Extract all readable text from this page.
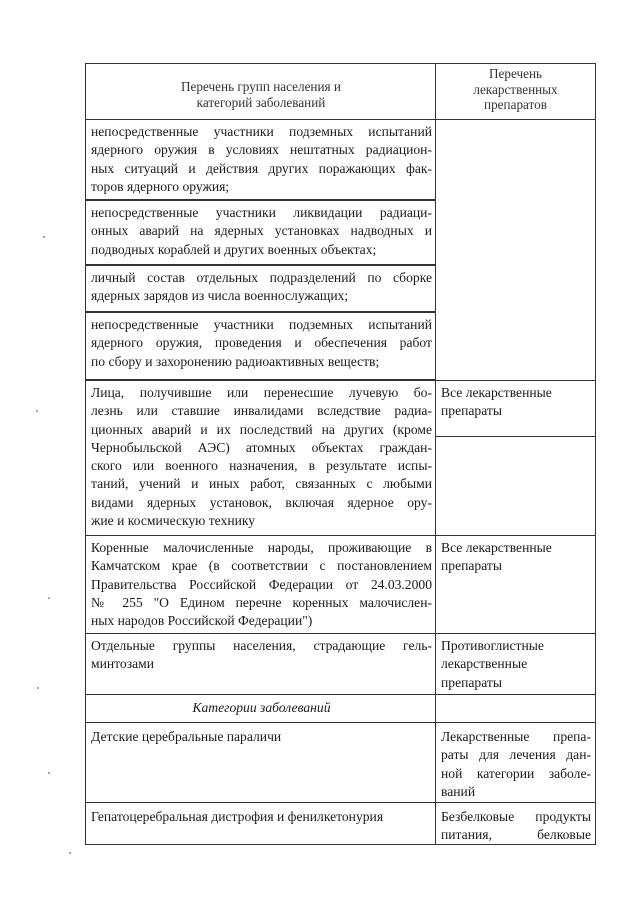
Перечень групп населения и
категорий заболеваний
Перечень
лекарственных
препаратов
непосредственные участники подземных испытаний
ядерного оружия в условиях нештатных радиацион-
ных ситуаций и действия других поражающих фак-
торов ядерного оружия;
непосредственные участники ликвидации радиаци-
онных аварий на ядерных установках надводных и
подводных кораблей и других военных объектах;
личный состав отдельных подразделений по сборке
ядерных зарядов из числа военнослужащих;
непосредственные участники подземных испытаний
ядерного оружия, проведения и обеспечения работ
по сбору и захоронению радиоактивных веществ;
Лица, получившие или перенесшие лучевую бо-
лезнь или ставшие инвалидами вследствие радиа-
ционных аварий и их последствий на других (кроме
Чернобыльской АЭС) атомных объектах граждан-
ского или военного назначения, в результате испы-
таний, учений и иных работ, связанных с любыми
видами ядерных установок, включая ядерное ору-
жие и космическую технику
Все лекарственные
препараты
Коренные малочисленные народы, проживающие в
Камчатском крае (в соответствии с постановлением
Правительства Российской Федерации от 24.03.2000
№ 255 "О Едином перечне коренных малочислен-
ных народов Российской Федерации")
Все лекарственные
препараты
Отдельные группы населения, страдающие гель-
минтозами
Противоглистные
лекарственные
препараты
Категории заболеваний
Детские церебральные параличи	Лекарственные препа-
раты для лечения дан-
ной категории заболе-
ваний
Гепатоцеребральная дистрофия и фенилкетонурия	Безбелковые продукты
питания, белковые
